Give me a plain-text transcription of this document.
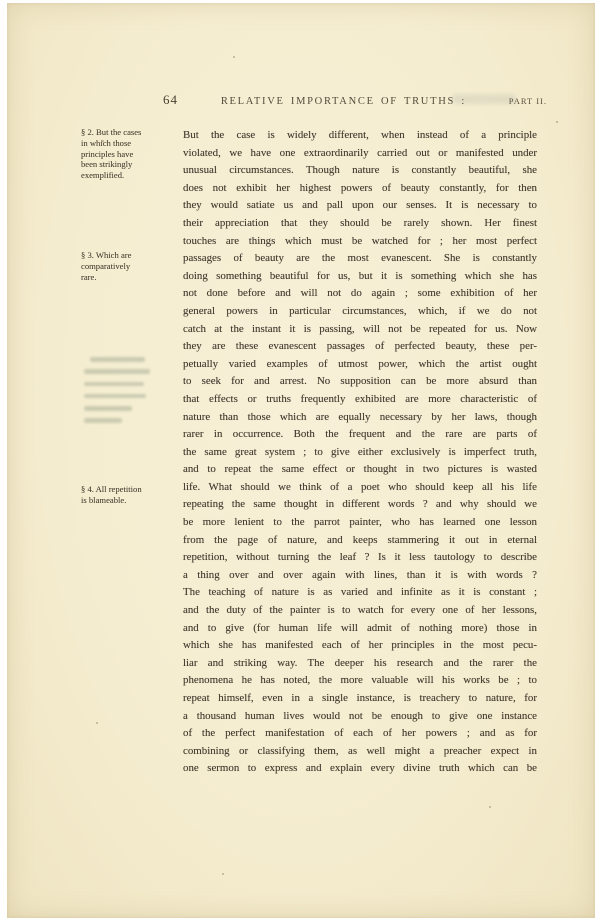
64	RELATIVE IMPORTANCE OF TRUTHS :	PART II.
§ 2. But the cases in which those principles have been strikingly exemplified.
§ 3. Which are comparatively rare.
§ 4. All repetition is blameable.
But the case is widely different, when instead of a principle
violated, we have one extraordinarily carried out or manifested under
unusual circumstances. Though nature is constantly beautiful, she
does not exhibit her highest powers of beauty constantly, for then
they would satiate us and pall upon our senses. It is necessary to
their appreciation that they should be rarely shown. Her finest
touches are things which must be watched for ; her most perfect
passages of beauty are the most evanescent. She is constantly
doing something beautiful for us, but it is something which she has
not done before and will not do again ; some exhibition of her
general powers in particular circumstances, which, if we do not
catch at the instant it is passing, will not be repeated for us. Now
they are these evanescent passages of perfected beauty, these per-
petually varied examples of utmost power, which the artist ought
to seek for and arrest. No supposition can be more absurd than
that effects or truths frequently exhibited are more characteristic of
nature than those which are equally necessary by her laws, though
rarer in occurrence. Both the frequent and the rare are parts of
the same great system ; to give either exclusively is imperfect truth,
and to repeat the same effect or thought in two pictures is wasted
life. What should we think of a poet who should keep all his life
repeating the same thought in different words ? and why should we
be more lenient to the parrot painter, who has learned one lesson
from the page of nature, and keeps stammering it out in eternal
repetition, without turning the leaf ? Is it less tautology to describe
a thing over and over again with lines, than it is with words ?
The teaching of nature is as varied and infinite as it is constant ;
and the duty of the painter is to watch for every one of her lessons,
and to give (for human life will admit of nothing more) those in
which she has manifested each of her principles in the most pecu-
liar and striking way. The deeper his research and the rarer the
phenomena he has noted, the more valuable will his works be ; to
repeat himself, even in a single instance, is treachery to nature, for
a thousand human lives would not be enough to give one instance
of the perfect manifestation of each of her powers ; and as for
combining or classifying them, as well might a preacher expect in
one sermon to express and explain every divine truth which can be
